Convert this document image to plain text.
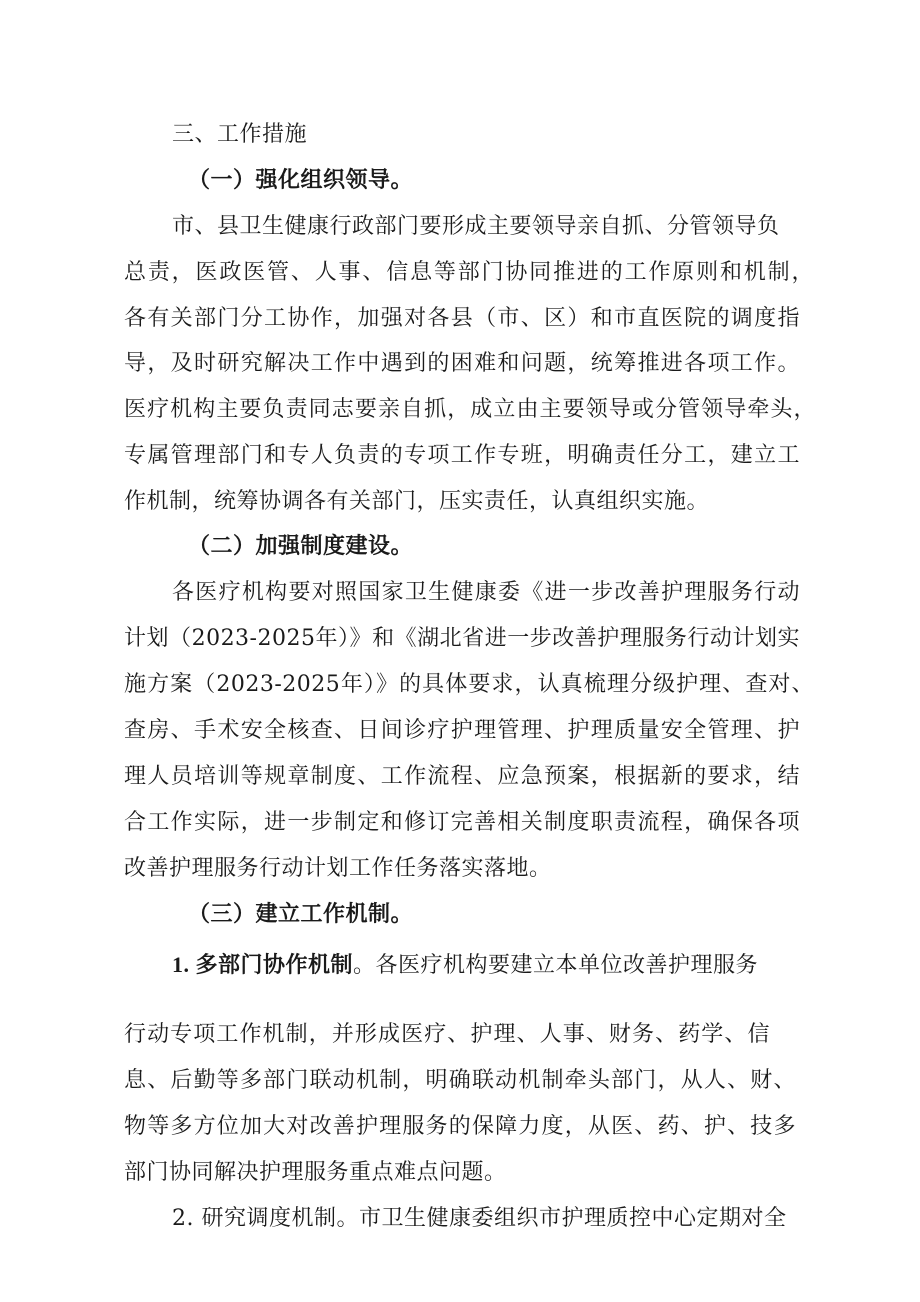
三、工作措施
（一）强化组织领导。
市、县卫生健康行政部门要形成主要领导亲自抓、分管领导负
总责，医政医管、人事、信息等部门协同推进的工作原则和机制，
各有关部门分工协作，加强对各县（市、区）和市直医院的调度指
导，及时研究解决工作中遇到的困难和问题，统筹推进各项工作。
医疗机构主要负责同志要亲自抓，成立由主要领导或分管领导牵头，
专属管理部门和专人负责的专项工作专班，明确责任分工，建立工
作机制，统筹协调各有关部门，压实责任，认真组织实施。
（二）加强制度建设。
各医疗机构要对照国家卫生健康委《进一步改善护理服务行动
计划（2023-2025年）》和《湖北省进一步改善护理服务行动计划实
施方案（2023-2025年）》的具体要求，认真梳理分级护理、查对、
查房、手术安全核查、日间诊疗护理管理、护理质量安全管理、护
理人员培训等规章制度、工作流程、应急预案，根据新的要求，结
合工作实际，进一步制定和修订完善相关制度职责流程，确保各项
改善护理服务行动计划工作任务落实落地。
（三）建立工作机制。
1. 多部门协作机制。各医疗机构要建立本单位改善护理服务
行动专项工作机制，并形成医疗、护理、人事、财务、药学、信
息、后勤等多部门联动机制，明确联动机制牵头部门，从人、财、
物等多方位加大对改善护理服务的保障力度，从医、药、护、技多
部门协同解决护理服务重点难点问题。
2. 研究调度机制。市卫生健康委组织市护理质控中心定期对全
